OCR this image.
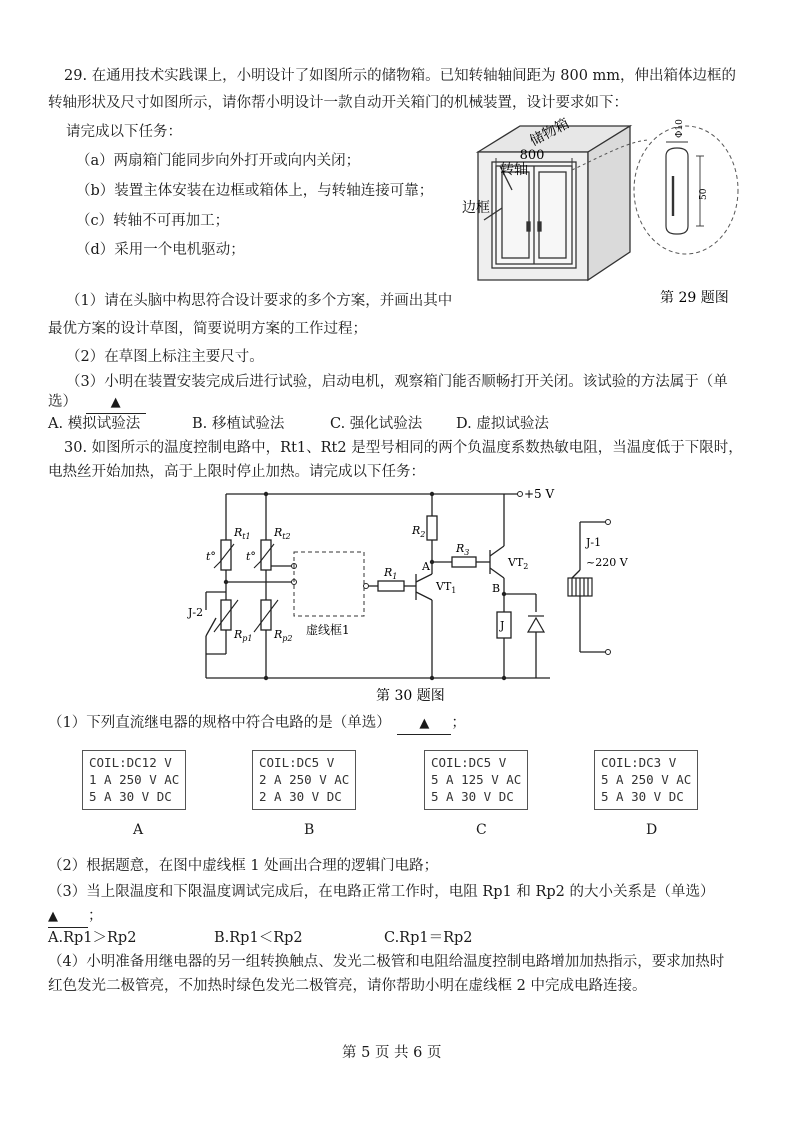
29. 在通用技术实践课上，小明设计了如图所示的储物箱。已知转轴轴间距为 800 mm，伸出箱体边框的
转轴形状及尺寸如图所示，请你帮小明设计一款自动开关箱门的机械装置，设计要求如下：
请完成以下任务：
（a）两扇箱门能同步向外打开或向内关闭；
（b）装置主体安装在边框或箱体上，与转轴连接可靠；
（c）转轴不可再加工；
（d）采用一个电机驱动；
（1）请在头脑中构思符合设计要求的多个方案，并画出其中
最优方案的设计草图，简要说明方案的工作过程；
（2）在草图上标注主要尺寸。
（3）小明在装置安装完成后进行试验，启动电机，观察箱门能否顺畅打开关闭。该试验的方法属于（单
选）	▲
A. 模拟试验法	B. 移植试验法	C. 强化试验法 D. 虚拟试验法
800
储物箱
转轴
边框
50
Φ10
第 29 题图
30. 如图所示的温度控制电路中，Rt1、Rt2 是型号相同的两个负温度系数热敏电阻，当温度低于下限时，
电热丝开始加热，高于上限时停止加热。请完成以下任务：
+5 V
$R_{t1}$ $R_{t2}$
t°	t°
$R_{p1}$ $R_{p2}$
J-2
虚线框1
$R_1$
$R_2$
$R_3$
A
$VT_1$
$VT_2$
B
J
J-1
~220 V
第 30 题图
（1）下列直流继电器的规格中符合电路的是（单选） ▲ ；
COIL:DC12 V
1 A 250 V AC
5 A 30 V DC
COIL:DC5 V
2 A 250 V AC
2 A 30 V DC
COIL:DC5 V
5 A 125 V AC
5 A 30 V DC
COIL:DC3 V
5 A 250 V AC
5 A 30 V DC
A	B	C	D
（2）根据题意，在图中虚线框 1 处画出合理的逻辑门电路；
（3）当上限温度和下限温度调试完成后，在电路正常工作时，电阻 Rp1 和 Rp2 的大小关系是（单选）
▲ ；
A.Rp1＞Rp2	B.Rp1＜Rp2	C.Rp1＝Rp2
（4）小明准备用继电器的另一组转换触点、发光二极管和电阻给温度控制电路增加加热指示，要求加热时
红色发光二极管亮，不加热时绿色发光二极管亮，请你帮助小明在虚线框 2 中完成电路连接。
第 5 页 共 6 页
